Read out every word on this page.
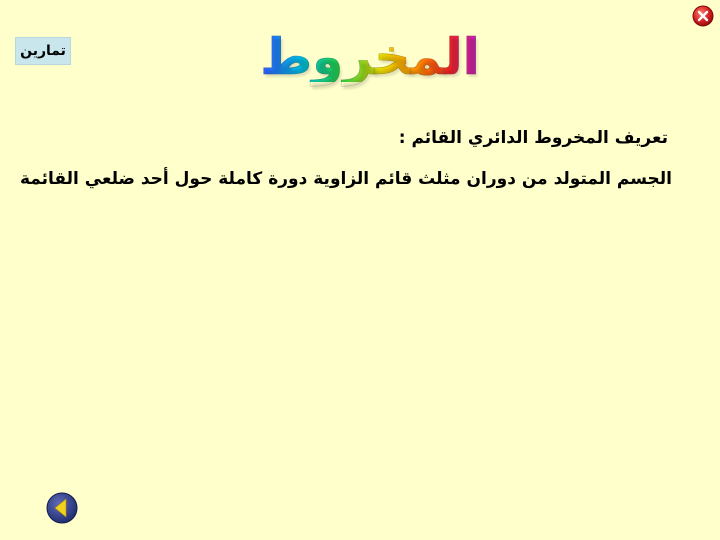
تمارين	المخروط
تعريف المخروط الدائري القائم :
الجسم المتولد من دوران مثلث قائم الزاوية دورة كاملة حول أحد ضلعي القائمة
